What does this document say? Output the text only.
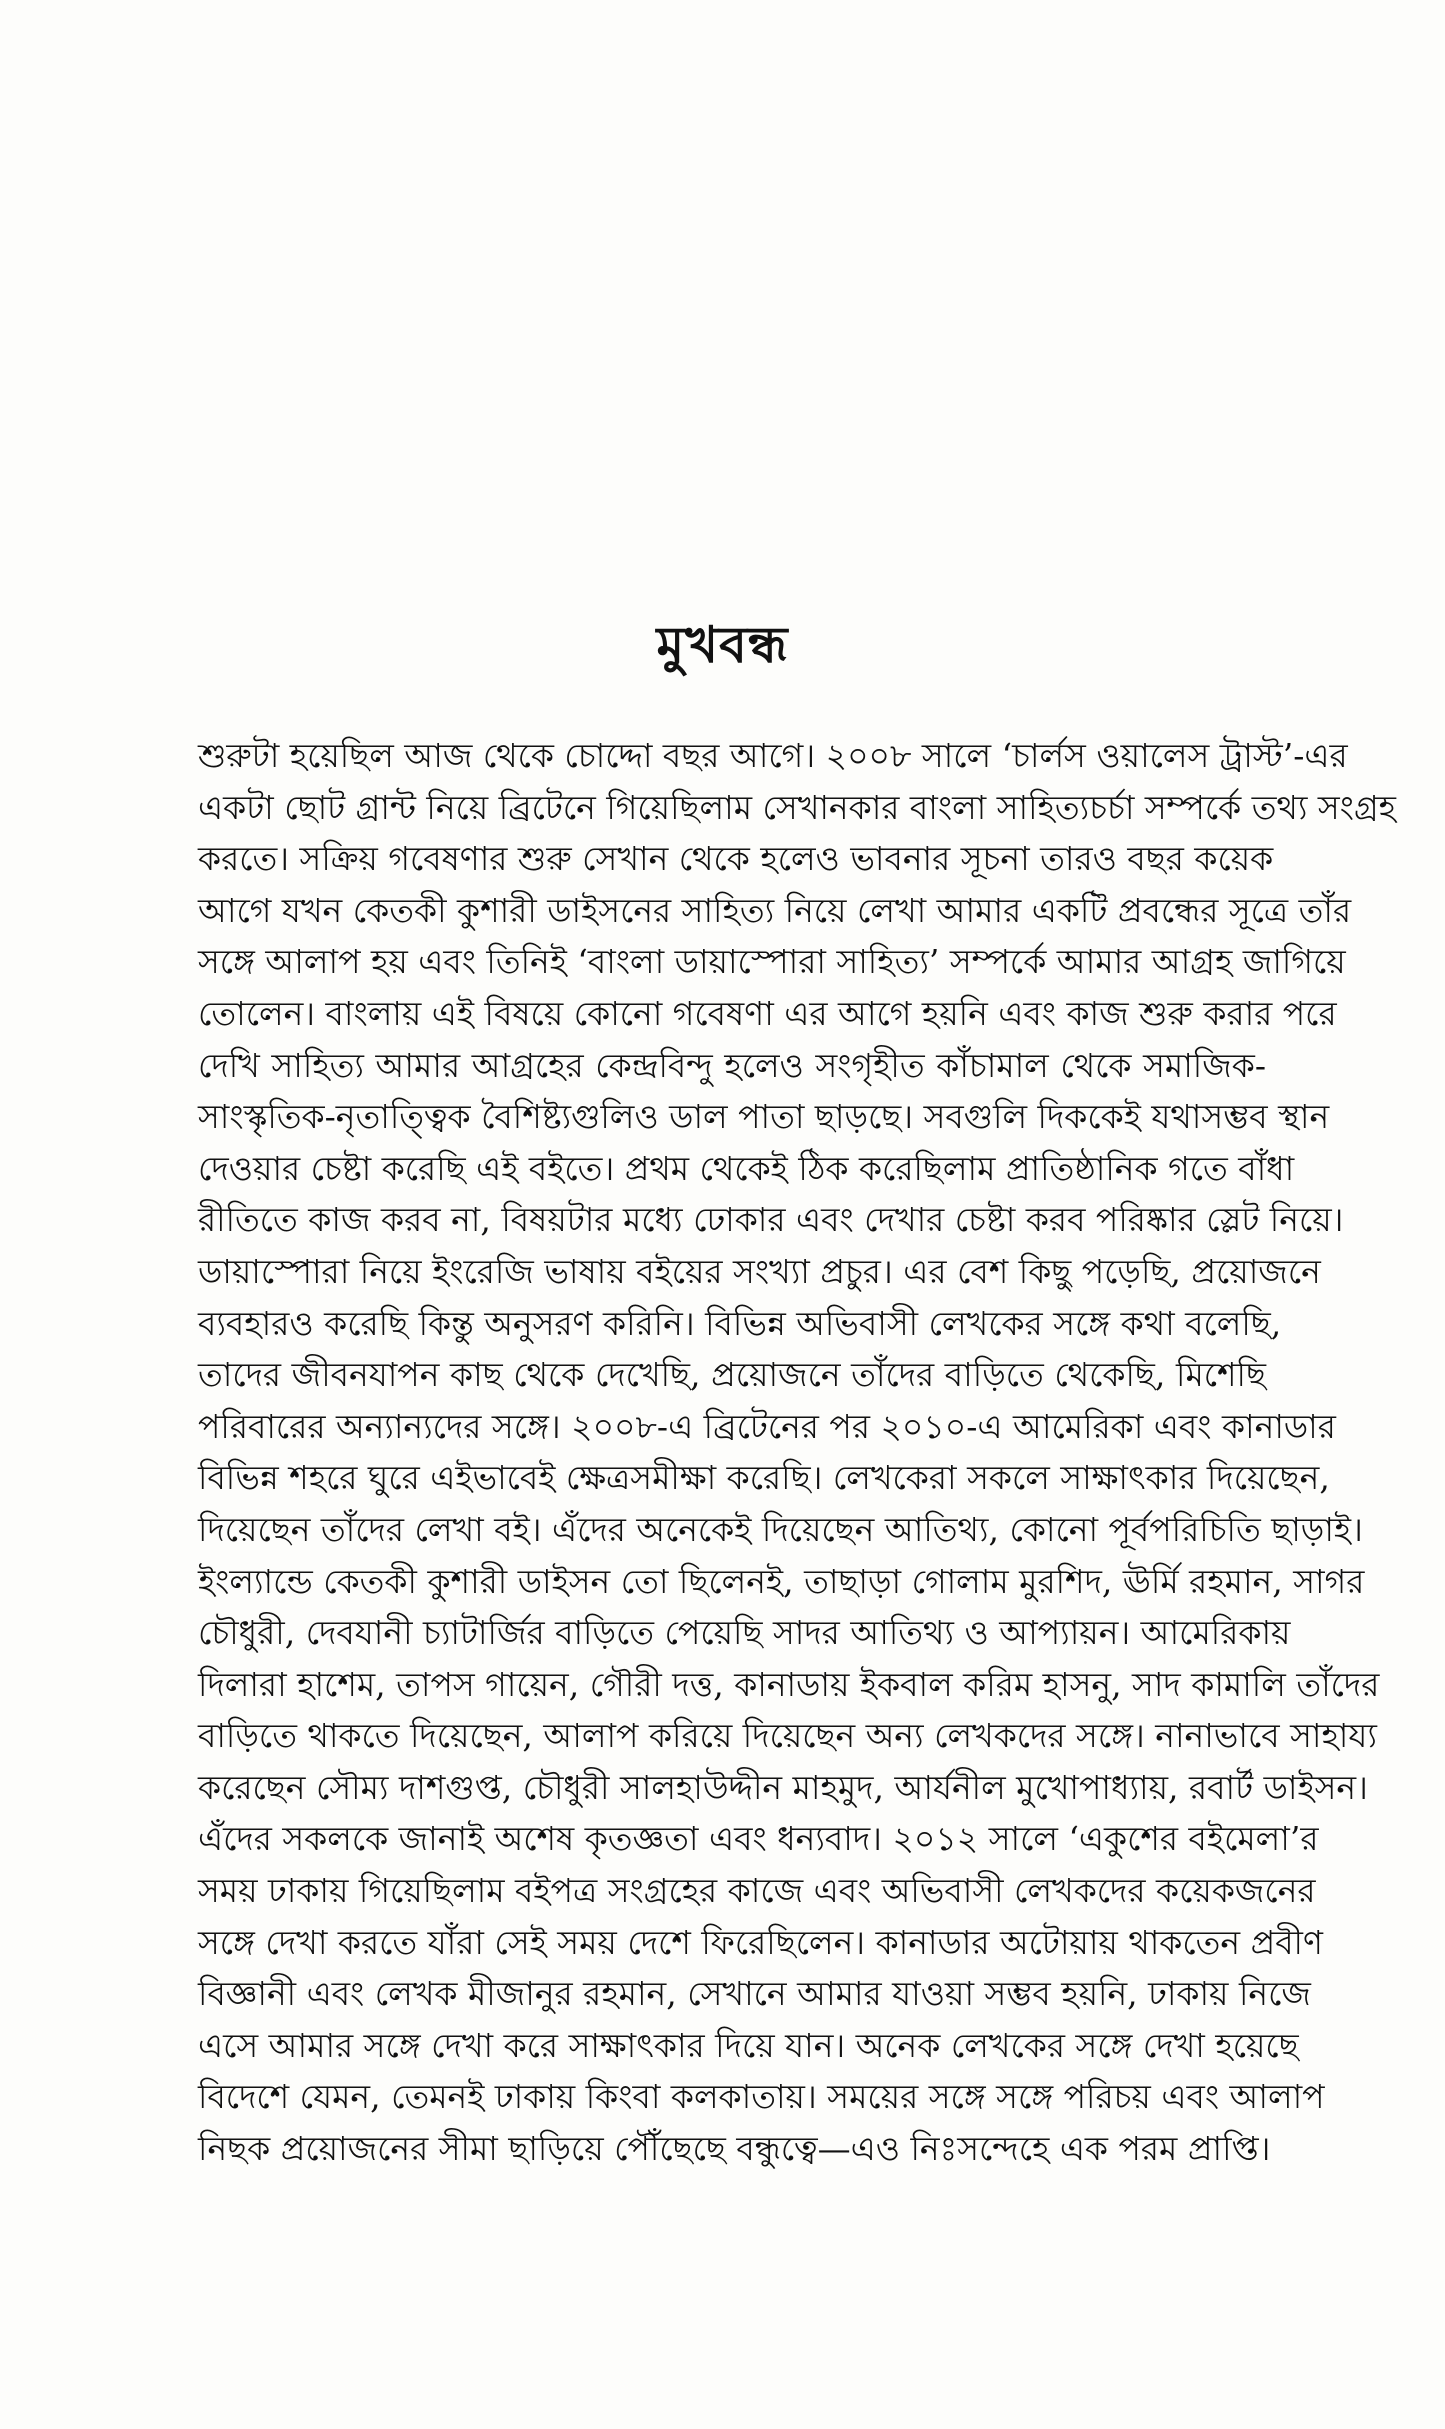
মুখবন্ধ
শুরুটা হয়েছিল আজ থেকে চোদ্দো বছর আগে। ২০০৮ সালে ‘চার্লস ওয়ালেস ট্রাস্ট’-এর
একটা ছোট গ্রান্ট নিয়ে ব্রিটেনে গিয়েছিলাম সেখানকার বাংলা সাহিত্যচর্চা সম্পর্কে তথ্য সংগ্রহ
করতে। সক্রিয় গবেষণার শুরু সেখান থেকে হলেও ভাবনার সূচনা তারও বছর কয়েক
আগে যখন কেতকী কুশারী ডাইসনের সাহিত্য নিয়ে লেখা আমার একটি প্রবন্ধের সূত্রে তাঁর
সঙ্গে আলাপ হয় এবং তিনিই ‘বাংলা ডায়াস্পোরা সাহিত্য’ সম্পর্কে আমার আগ্রহ জাগিয়ে
তোলেন। বাংলায় এই বিষয়ে কোনো গবেষণা এর আগে হয়নি এবং কাজ শুরু করার পরে
দেখি সাহিত্য আমার আগ্রহের কেন্দ্রবিন্দু হলেও সংগৃহীত কাঁচামাল থেকে সমাজিক-
সাংস্কৃতিক-নৃতাত্ত্বিক বৈশিষ্ট্যগুলিও ডাল পাতা ছাড়ছে। সবগুলি দিককেই যথাসম্ভব স্থান
দেওয়ার চেষ্টা করেছি এই বইতে। প্রথম থেকেই ঠিক করেছিলাম প্রাতিষ্ঠানিক গতে বাঁধা
রীতিতে কাজ করব না, বিষয়টার মধ্যে ঢোকার এবং দেখার চেষ্টা করব পরিষ্কার স্লেট নিয়ে।
ডায়াস্পোরা নিয়ে ইংরেজি ভাষায় বইয়ের সংখ্যা প্রচুর। এর বেশ কিছু পড়েছি, প্রয়োজনে
ব্যবহারও করেছি কিন্তু অনুসরণ করিনি। বিভিন্ন অভিবাসী লেখকের সঙ্গে কথা বলেছি,
তাদের জীবনযাপন কাছ থেকে দেখেছি, প্রয়োজনে তাঁদের বাড়িতে থেকেছি, মিশেছি
পরিবারের অন্যান্যদের সঙ্গে। ২০০৮-এ ব্রিটেনের পর ২০১০-এ আমেরিকা এবং কানাডার
বিভিন্ন শহরে ঘুরে এইভাবেই ক্ষেত্রসমীক্ষা করেছি। লেখকেরা সকলে সাক্ষাৎকার দিয়েছেন,
দিয়েছেন তাঁদের লেখা বই। এঁদের অনেকেই দিয়েছেন আতিথ্য, কোনো পূর্বপরিচিতি ছাড়াই।
ইংল্যান্ডে কেতকী কুশারী ডাইসন তো ছিলেনই, তাছাড়া গোলাম মুরশিদ, ঊর্মি রহমান, সাগর
চৌধুরী, দেবযানী চ্যাটার্জির বাড়িতে পেয়েছি সাদর আতিথ্য ও আপ্যায়ন। আমেরিকায়
দিলারা হাশেম, তাপস গায়েন, গৌরী দত্ত, কানাডায় ইকবাল করিম হাসনু, সাদ কামালি তাঁদের
বাড়িতে থাকতে দিয়েছেন, আলাপ করিয়ে দিয়েছেন অন্য লেখকদের সঙ্গে। নানাভাবে সাহায্য
করেছেন সৌম্য দাশগুপ্ত, চৌধুরী সালহাউদ্দীন মাহমুদ, আর্যনীল মুখোপাধ্যায়, রবার্ট ডাইসন।
এঁদের সকলকে জানাই অশেষ কৃতজ্ঞতা এবং ধন্যবাদ। ২০১২ সালে ‘একুশের বইমেলা’র
সময় ঢাকায় গিয়েছিলাম বইপত্র সংগ্রহের কাজে এবং অভিবাসী লেখকদের কয়েকজনের
সঙ্গে দেখা করতে যাঁরা সেই সময় দেশে ফিরেছিলেন। কানাডার অটোয়ায় থাকতেন প্রবীণ
বিজ্ঞানী এবং লেখক মীজানুর রহমান, সেখানে আমার যাওয়া সম্ভব হয়নি, ঢাকায় নিজে
এসে আমার সঙ্গে দেখা করে সাক্ষাৎকার দিয়ে যান। অনেক লেখকের সঙ্গে দেখা হয়েছে
বিদেশে যেমন, তেমনই ঢাকায় কিংবা কলকাতায়। সময়ের সঙ্গে সঙ্গে পরিচয় এবং আলাপ
নিছক প্রয়োজনের সীমা ছাড়িয়ে পৌঁছেছে বন্ধুত্বে—এও নিঃসন্দেহে এক পরম প্রাপ্তি।
